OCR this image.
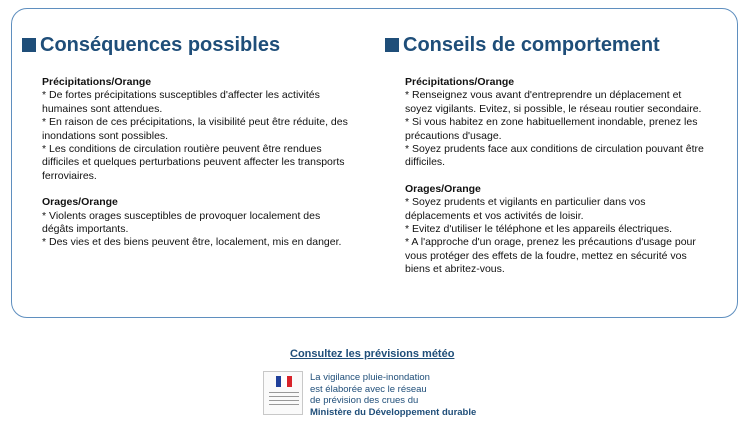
Conséquences possibles
Précipitations/Orange
* De fortes précipitations susceptibles d'affecter les activités
humaines sont attendues.
* En raison de ces précipitations, la visibilité peut être réduite, des
inondations sont possibles.
* Les conditions de circulation routière peuvent être rendues
difficiles et quelques perturbations peuvent affecter les transports
ferroviaires.
Orages/Orange
* Violents orages susceptibles de provoquer localement des
dégâts importants.
* Des vies et des biens peuvent être, localement, mis en danger.
Conseils de comportement
Précipitations/Orange
* Renseignez vous avant d'entreprendre un déplacement et
soyez vigilants. Evitez, si possible, le réseau routier secondaire.
* Si vous habitez en zone habituellement inondable, prenez les
précautions d'usage.
* Soyez prudents face aux conditions de circulation pouvant être
difficiles.
Orages/Orange
* Soyez prudents et vigilants en particulier dans vos
déplacements et vos activités de loisir.
* Evitez d'utiliser le téléphone et les appareils électriques.
* A l'approche d'un orage, prenez les précautions d'usage pour
vous protéger des effets de la foudre, mettez en sécurité vos
biens et abritez-vous.
Consultez les prévisions météo
La vigilance pluie-inondation
est élaborée avec le réseau
de prévision des crues du
Ministère du Développement durable
